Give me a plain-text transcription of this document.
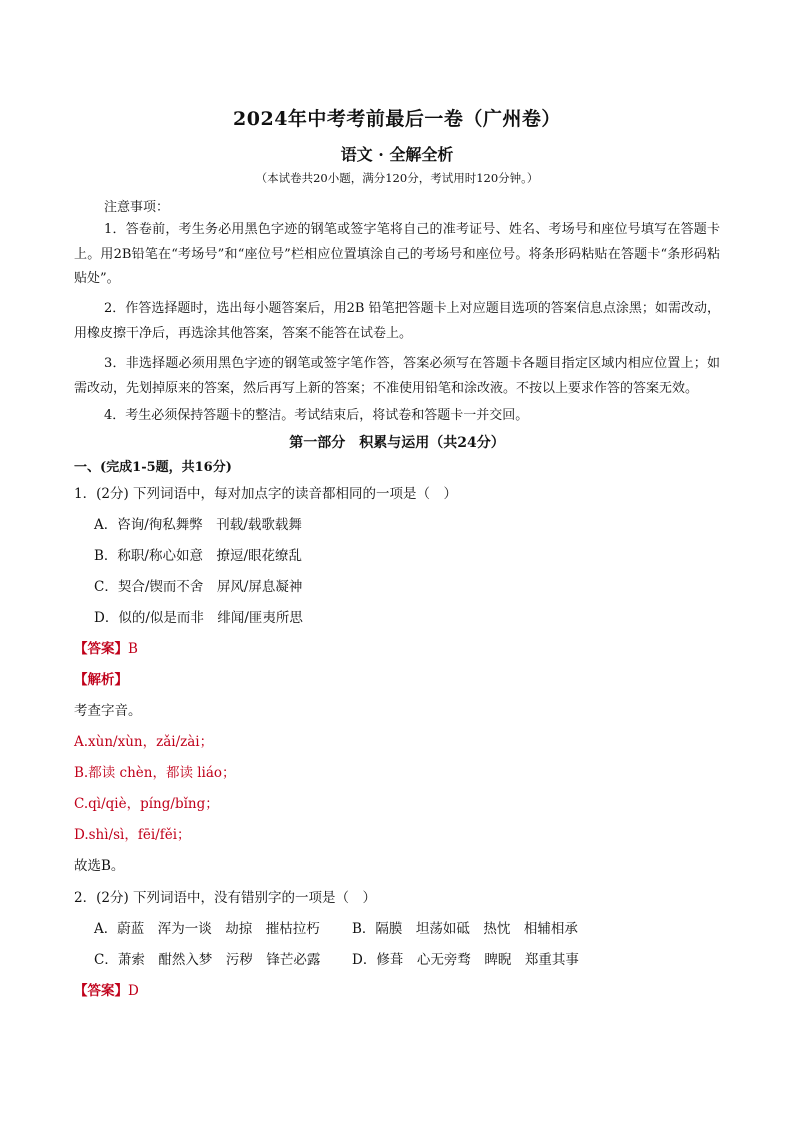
2024年中考考前最后一卷（广州卷）
语文 · 全解全析
（本试卷共20小题，满分120分，考试用时120分钟。）
注意事项：
1．答卷前，考生务必用黑色字迹的钢笔或签字笔将自己的准考证号、姓名、考场号和座位号填写在答题卡上。用2B铅笔在“考场号”和“座位号”栏相应位置填涂自己的考场号和座位号。将条形码粘贴在答题卡“条形码粘贴处”。
2．作答选择题时，选出每小题答案后，用2B 铅笔把答题卡上对应题目选项的答案信息点涂黑；如需改动，用橡皮擦干净后，再选涂其他答案，答案不能答在试卷上。
3．非选择题必须用黑色字迹的钢笔或签字笔作答，答案必须写在答题卡各题目指定区域内相应位置上；如需改动，先划掉原来的答案，然后再写上新的答案；不准使用铅笔和涂改液。不按以上要求作答的答案无效。
4．考生必须保持答题卡的整洁。考试结束后，将试卷和答题卡一并交回。
第一部分　积累与运用（共24分）
一、(完成1-5题，共16分)
1．(2分) 下列词语中，每对加点字的读音都相同的一项是（　）
A．咨询/徇私舞弊　刊载/载歌载舞
B．称职/称心如意　撩逗/眼花缭乱
C．契合/锲而不舍　屏风/屏息凝神
D．似的/似是而非　绯闻/匪夷所思
【答案】B
【解析】
考查字音。
A.xùn/xùn，zǎi/zài；
B.都读 chèn，都读 liáo；
C.qì/qiè，píng/bǐng；
D.shì/sì，fēi/fěi；
故选B。
2．(2分) 下列词语中，没有错别字的一项是（　）
A．蔚蓝　浑为一谈　劫掠　摧枯拉朽 B．隔膜　坦荡如砥　热忱　相辅相承
C．萧索　酣然入梦　污秽　锋芒必露 D．修葺　心无旁骛　睥睨　郑重其事
【答案】D
